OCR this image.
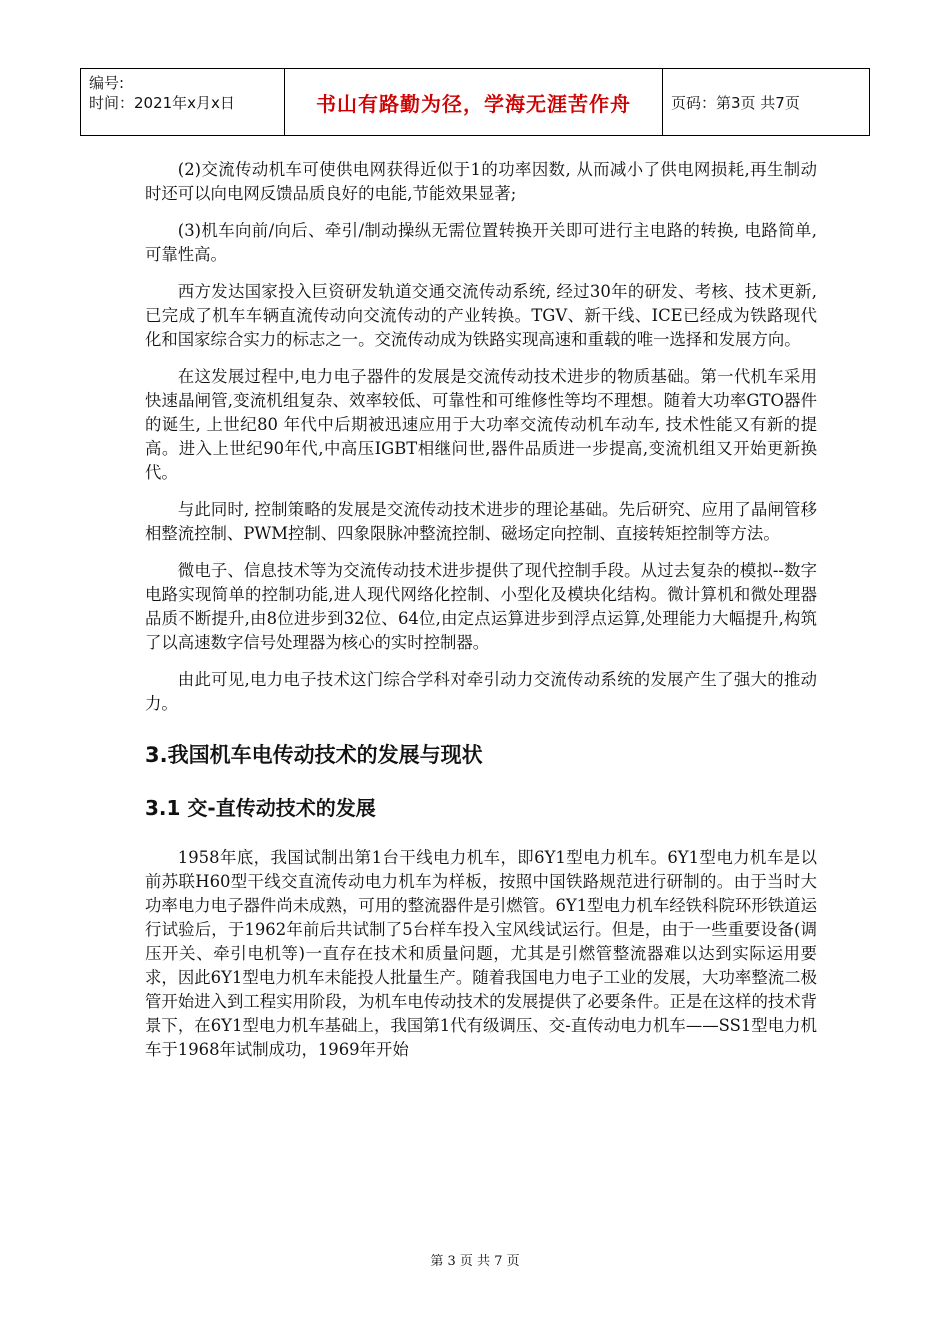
编号:
时间：2021年x月x日	书山有路勤为径，学海无涯苦作舟	页码：第3页 共7页

(2)交流传动机车可使供电网获得近似于1的功率因数, 从而减小了供电网损耗,再生制动时还可以向电网反馈品质良好的电能,节能效果显著;

(3)机车向前/向后、牵引/制动操纵无需位置转换开关即可进行主电路的转换, 电路简单, 可靠性高。

西方发达国家投入巨资研发轨道交通交流传动系统, 经过30年的研发、考核、技术更新, 已完成了机车车辆直流传动向交流传动的产业转换。TGV、新干线、ICE已经成为铁路现代化和国家综合实力的标志之一。交流传动成为铁路实现高速和重载的唯一选择和发展方向。

在这发展过程中,电力电子器件的发展是交流传动技术进步的物质基础。第一代机车采用快速晶闸管,变流机组复杂、效率较低、可靠性和可维修性等均不理想。随着大功率GTO器件的诞生, 上世纪80 年代中后期被迅速应用于大功率交流传动机车动车, 技术性能又有新的提高。进入上世纪90年代,中高压IGBT相继问世,器件品质进一步提高,变流机组又开始更新换代。

与此同时, 控制策略的发展是交流传动技术进步的理论基础。先后研究、应用了晶闸管移相整流控制、PWM控制、四象限脉冲整流控制、磁场定向控制、直接转矩控制等方法。

微电子、信息技术等为交流传动技术进步提供了现代控制手段。从过去复杂的模拟--数字电路实现简单的控制功能,进人现代网络化控制、小型化及模块化结构。微计算机和微处理器品质不断提升,由8位进步到32位、64位,由定点运算进步到浮点运算,处理能力大幅提升,构筑了以高速数字信号处理器为核心的实时控制器。

由此可见,电力电子技术这门综合学科对牵引动力交流传动系统的发展产生了强大的推动力。

3.我国机车电传动技术的发展与现状
3.1 交-直传动技术的发展

1958年底，我国试制出第1台干线电力机车，即6Y1型电力机车。6Y1型电力机车是以前苏联H60型干线交直流传动电力机车为样板，按照中国铁路规范进行研制的。由于当时大功率电力电子器件尚未成熟，可用的整流器件是引燃管。6Y1型电力机车经铁科院环形铁道运行试验后，于1962年前后共试制了5台样车投入宝风线试运行。但是，由于一些重要设备(调压开关、牵引电机等)一直存在技术和质量问题，尤其是引燃管整流器难以达到实际运用要求，因此6Y1型电力机车未能投人批量生产。随着我国电力电子工业的发展，大功率整流二极管开始进入到工程实用阶段，为机车电传动技术的发展提供了必要条件。正是在这样的技术背景下，在6Y1型电力机车基础上，我国第1代有级调压、交-直传动电力机车——SS1型电力机车于1968年试制成功，1969年开始

第 3 页 共 7 页
